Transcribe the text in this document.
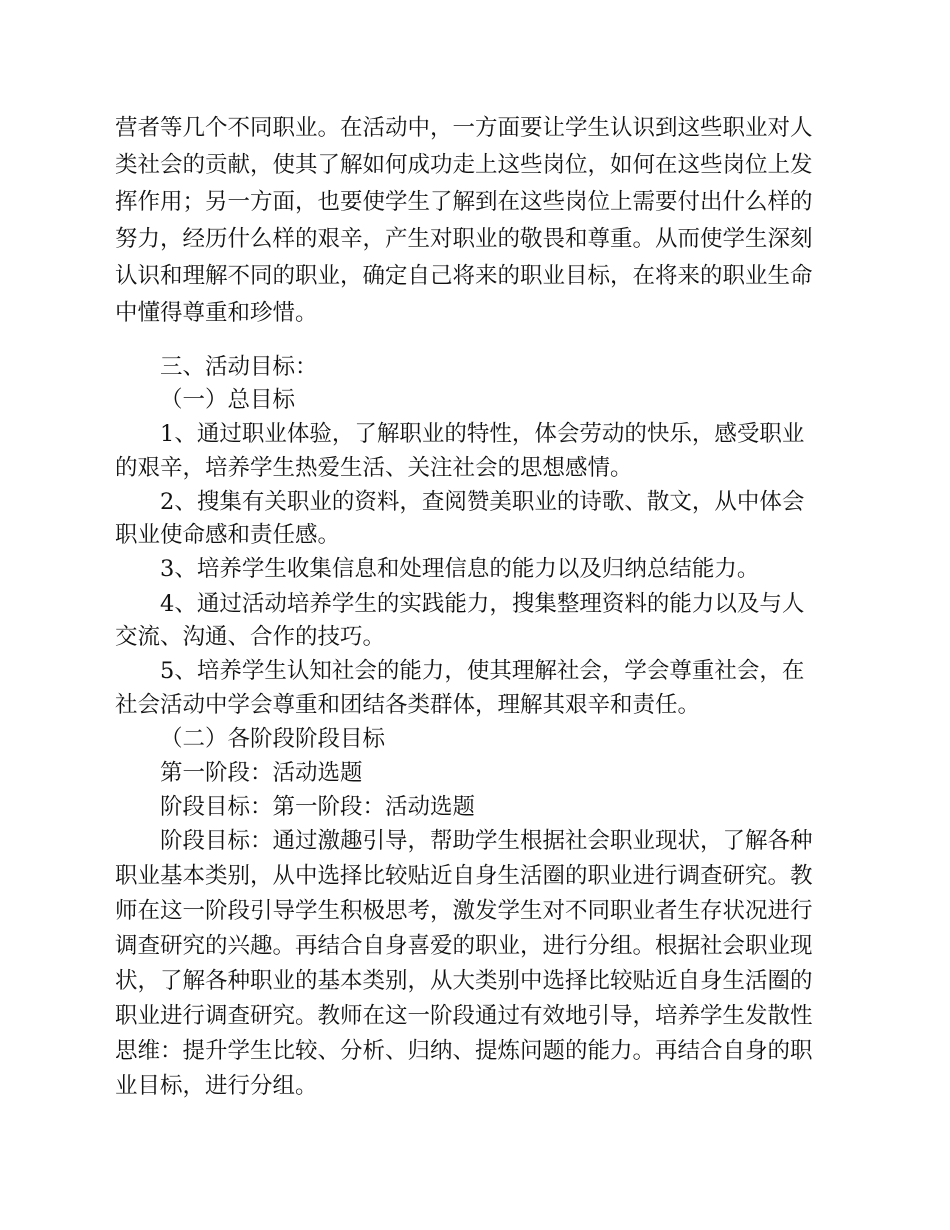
营者等几个不同职业。在活动中，一方面要让学生认识到这些职业对人
类社会的贡献，使其了解如何成功走上这些岗位，如何在这些岗位上发
挥作用；另一方面，也要使学生了解到在这些岗位上需要付出什么样的
努力，经历什么样的艰辛，产生对职业的敬畏和尊重。从而使学生深刻
认识和理解不同的职业，确定自己将来的职业目标，在将来的职业生命
中懂得尊重和珍惜。
三、活动目标：
（一）总目标
1、通过职业体验，了解职业的特性，体会劳动的快乐，感受职业
的艰辛，培养学生热爱生活、关注社会的思想感情。
2、搜集有关职业的资料，查阅赞美职业的诗歌、散文，从中体会
职业使命感和责任感。
3、培养学生收集信息和处理信息的能力以及归纳总结能力。
4、通过活动培养学生的实践能力，搜集整理资料的能力以及与人
交流、沟通、合作的技巧。
5、培养学生认知社会的能力，使其理解社会，学会尊重社会，在
社会活动中学会尊重和团结各类群体，理解其艰辛和责任。
（二）各阶段阶段目标
第一阶段：活动选题
阶段目标：第一阶段：活动选题
阶段目标：通过激趣引导，帮助学生根据社会职业现状，了解各种
职业基本类别，从中选择比较贴近自身生活圈的职业进行调查研究。教
师在这一阶段引导学生积极思考，激发学生对不同职业者生存状况进行
调查研究的兴趣。再结合自身喜爱的职业，进行分组。根据社会职业现
状，了解各种职业的基本类别，从大类别中选择比较贴近自身生活圈的
职业进行调查研究。教师在这一阶段通过有效地引导，培养学生发散性
思维：提升学生比较、分析、归纳、提炼问题的能力。再结合自身的职
业目标，进行分组。
